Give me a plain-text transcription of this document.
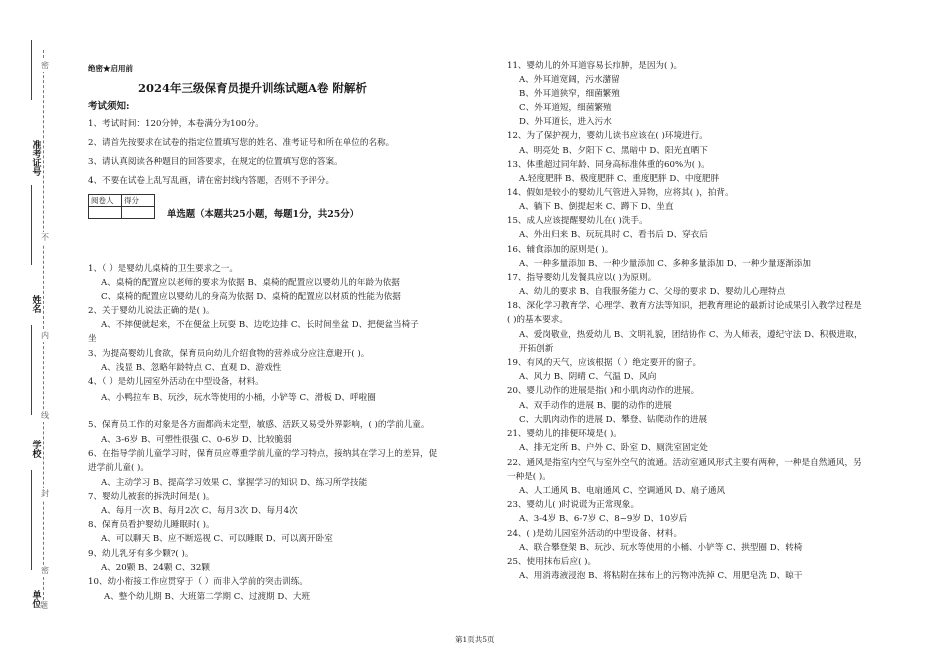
准考证号
姓名
学校
单位
密
不
内
线
封
密
题
绝密★启用前
2024年三级保育员提升训练试题A卷 附解析
考试须知:
1、考试时间：120分钟，本卷满分为100分。
2、请首先按要求在试卷的指定位置填写您的姓名、准考证号和所在单位的名称。
3、请认真阅读各种题目的回答要求，在规定的位置填写您的答案。
4、不要在试卷上乱写乱画，请在密封线内答题，否则不予评分。
阅卷人	得分

单选题（本题共25小题，每题1分，共25分）
1、（ ）是婴幼儿桌椅的卫生要求之一。
A、桌椅的配置应以老师的要求为依据 B、桌椅的配置应以婴幼儿的年龄为依据
C、桌椅的配置应以婴幼儿的身高为依据 D、桌椅的配置应以材质的性能为依据
2、关于婴幼儿说法正确的是( )。
A、不摔便就起来，不在便盆上玩耍 B、边吃边排 C、长时间坐盆 D、把便盆当椅子
坐
3、为提高婴幼儿食欲，保育员向幼儿介绍食物的营养成分应注意避开( )。
A、浅显 B、忽略年龄特点 C、直观 D、游戏性
4、（ ）是幼儿园室外活动在中型设备，材料。
A、小鸭拉车 B、玩沙，玩水等使用的小桶，小铲等 C、滑板 D、呼啦圈
5、保育员工作的对象是各方面都尚未定型，敏感、活跃又易受外界影响，( )的学前儿童。
A、3-6岁 B、可塑性很强 C、0-6岁 D、比较脆弱
6、在指导学前儿童学习时，保育员应尊重学前儿童的学习特点，接纳其在学习上的差异，促
进学前儿童( )。
A、主动学习 B、提高学习效果 C、掌握学习的知识 D、练习所学技能
7、婴幼儿被套的拆洗时间是( )。
A、每月一次 B、每月2次 C、每月3次 D、每月4次
8、保育员看护婴幼儿睡眠时( )。
A、可以聊天 B、应不断巡视 C、可以睡眠 D、可以离开卧室
9、幼儿乳牙有多少颗?( )。
A、20颗 B、24颗 C、32颗
10、幼小衔接工作应贯穿于（ ）而非入学前的突击训练。
A、整个幼儿期 B、大班第二学期 C、过渡期 D、大班
11、婴幼儿的外耳道容易长疖肿，是因为( )。
A、外耳道宽阔，污水潴留
B、外耳道狭窄，细菌繁殖
C、外耳道短，细菌繁殖
D、外耳道长，进入污水
12、为了保护视力，婴幼儿读书应该在( )环境进行。
A、明亮处 B、夕阳下 C、黑暗中 D、阳光直晒下
13、体重超过同年龄、同身高标准体重的60%为( )。
A.轻度肥胖 B、极度肥胖 C、重度肥胖 D、中度肥胖
14、假如是较小的婴幼儿气管进入异物，应将其( )，拍背。
A、躺下 B、倒提起来 C、蹲下 D、坐直
15、成人应该提醒婴幼儿在( )洗手。
A、外出归来 B、玩玩具时 C、看书后 D、穿衣后
16、辅食添加的原则是( )。
A、一种多量添加 B、一种少量添加 C、多种多量添加 D、一种少量逐渐添加
17、指导婴幼儿发餐具应以( )为原则。
A、幼儿的要求 B、自我服务能力 C、父母的要求 D、婴幼儿心理特点
18、深化学习教育学、心理学、教育方法等知识，把教育理论的最新讨论成果引入教学过程是
( )的基本要求。
A、爱岗敬业，热爱幼儿 B、文明礼貌，团结协作 C、为人师表，遵纪守法 D、积极进取，
开拓创新
19、有风的天气，应该根据（ ）绝定要开的窗子。
A、风力 B、阴晴 C、气温 D、风向
20、婴儿动作的进展是指( )和小肌肉动作的进展。
A、双手动作的进展 B、腿的动作的进展
C、大肌肉动作的进展 D、攀登、钻爬动作的进展
21、婴幼儿的排便环境是( )。
A、排无定所 B、户外 C、卧室 D、厕洗室固定处
22、通风是指室内空气与室外空气的流通。活动室通风形式主要有两种，一种是自然通风，另
一种是( )。
A、人工通风 B、电扇通风 C、空调通风 D、扇子通风
23、婴幼儿( )时说谎为正常现象。
A、3-4岁 B、6-7岁 C、8~9岁 D、10岁后
24、( )是幼儿园室外活动的中型设备、材料。
A、联合攀登架 B、玩沙、玩水等使用的小桶、小铲等 C、拱型圈 D、转椅
25、使用抹布后应( )。
A、用消毒液浸泡 B、将粘附在抹布上的污物冲洗掉 C、用肥皂洗 D、晾干
第1页共5页
